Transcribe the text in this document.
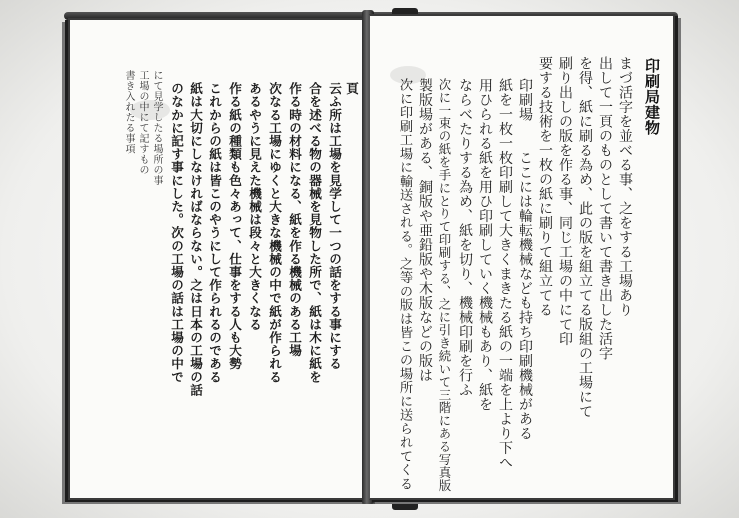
頁
云ふ所は工場を見学して一つの話をする事にする
合を述べる物の器械を見物した所で、紙は木に紙を
作る時の材料になる、紙を作る機械のある工場
次なる工場にゆくと大きな機械の中で紙が作られる
あるやうに見えた機械は段々と大きくなる
作る紙の種類も色々あって、仕事をする人も大勢
これからの紙は皆このやうにして作られるのである
紙は大切にしなければならない。之は日本の工場の話
のなかに記す事にした。次の工場の話は工場の中で
にて見学したる場所の事
工場の中にて記すもの
書き入れたる事項	印刷局建物
まづ活字を並べる事、之をする工場あり
出して一頁のものとして書いて書き出した活字
を得、紙に刷る為め、此の版を組立てる版組の工場にて
刷り出しの版を作る事、同じ工場の中にて印
要する技術を一枚の紙に刷りて組立てる
印刷場　　ここには輪転機械なども持ち印刷機械がある
紙を一枚一枚印刷して大きくまきたる紙の一端を上より下へ
用ひられる紙を用ひ印刷していく機械もあり、紙を
ならべたりする為め、紙を切り、機械印刷を行ふ
次に一束の紙を手にとりて印刷する、之に引き続いて三階にある写真版
製版場がある、銅版や亜鉛版や木版などの版は
次に印刷工場に輸送される。之等の版は皆この場所に送られてくる
